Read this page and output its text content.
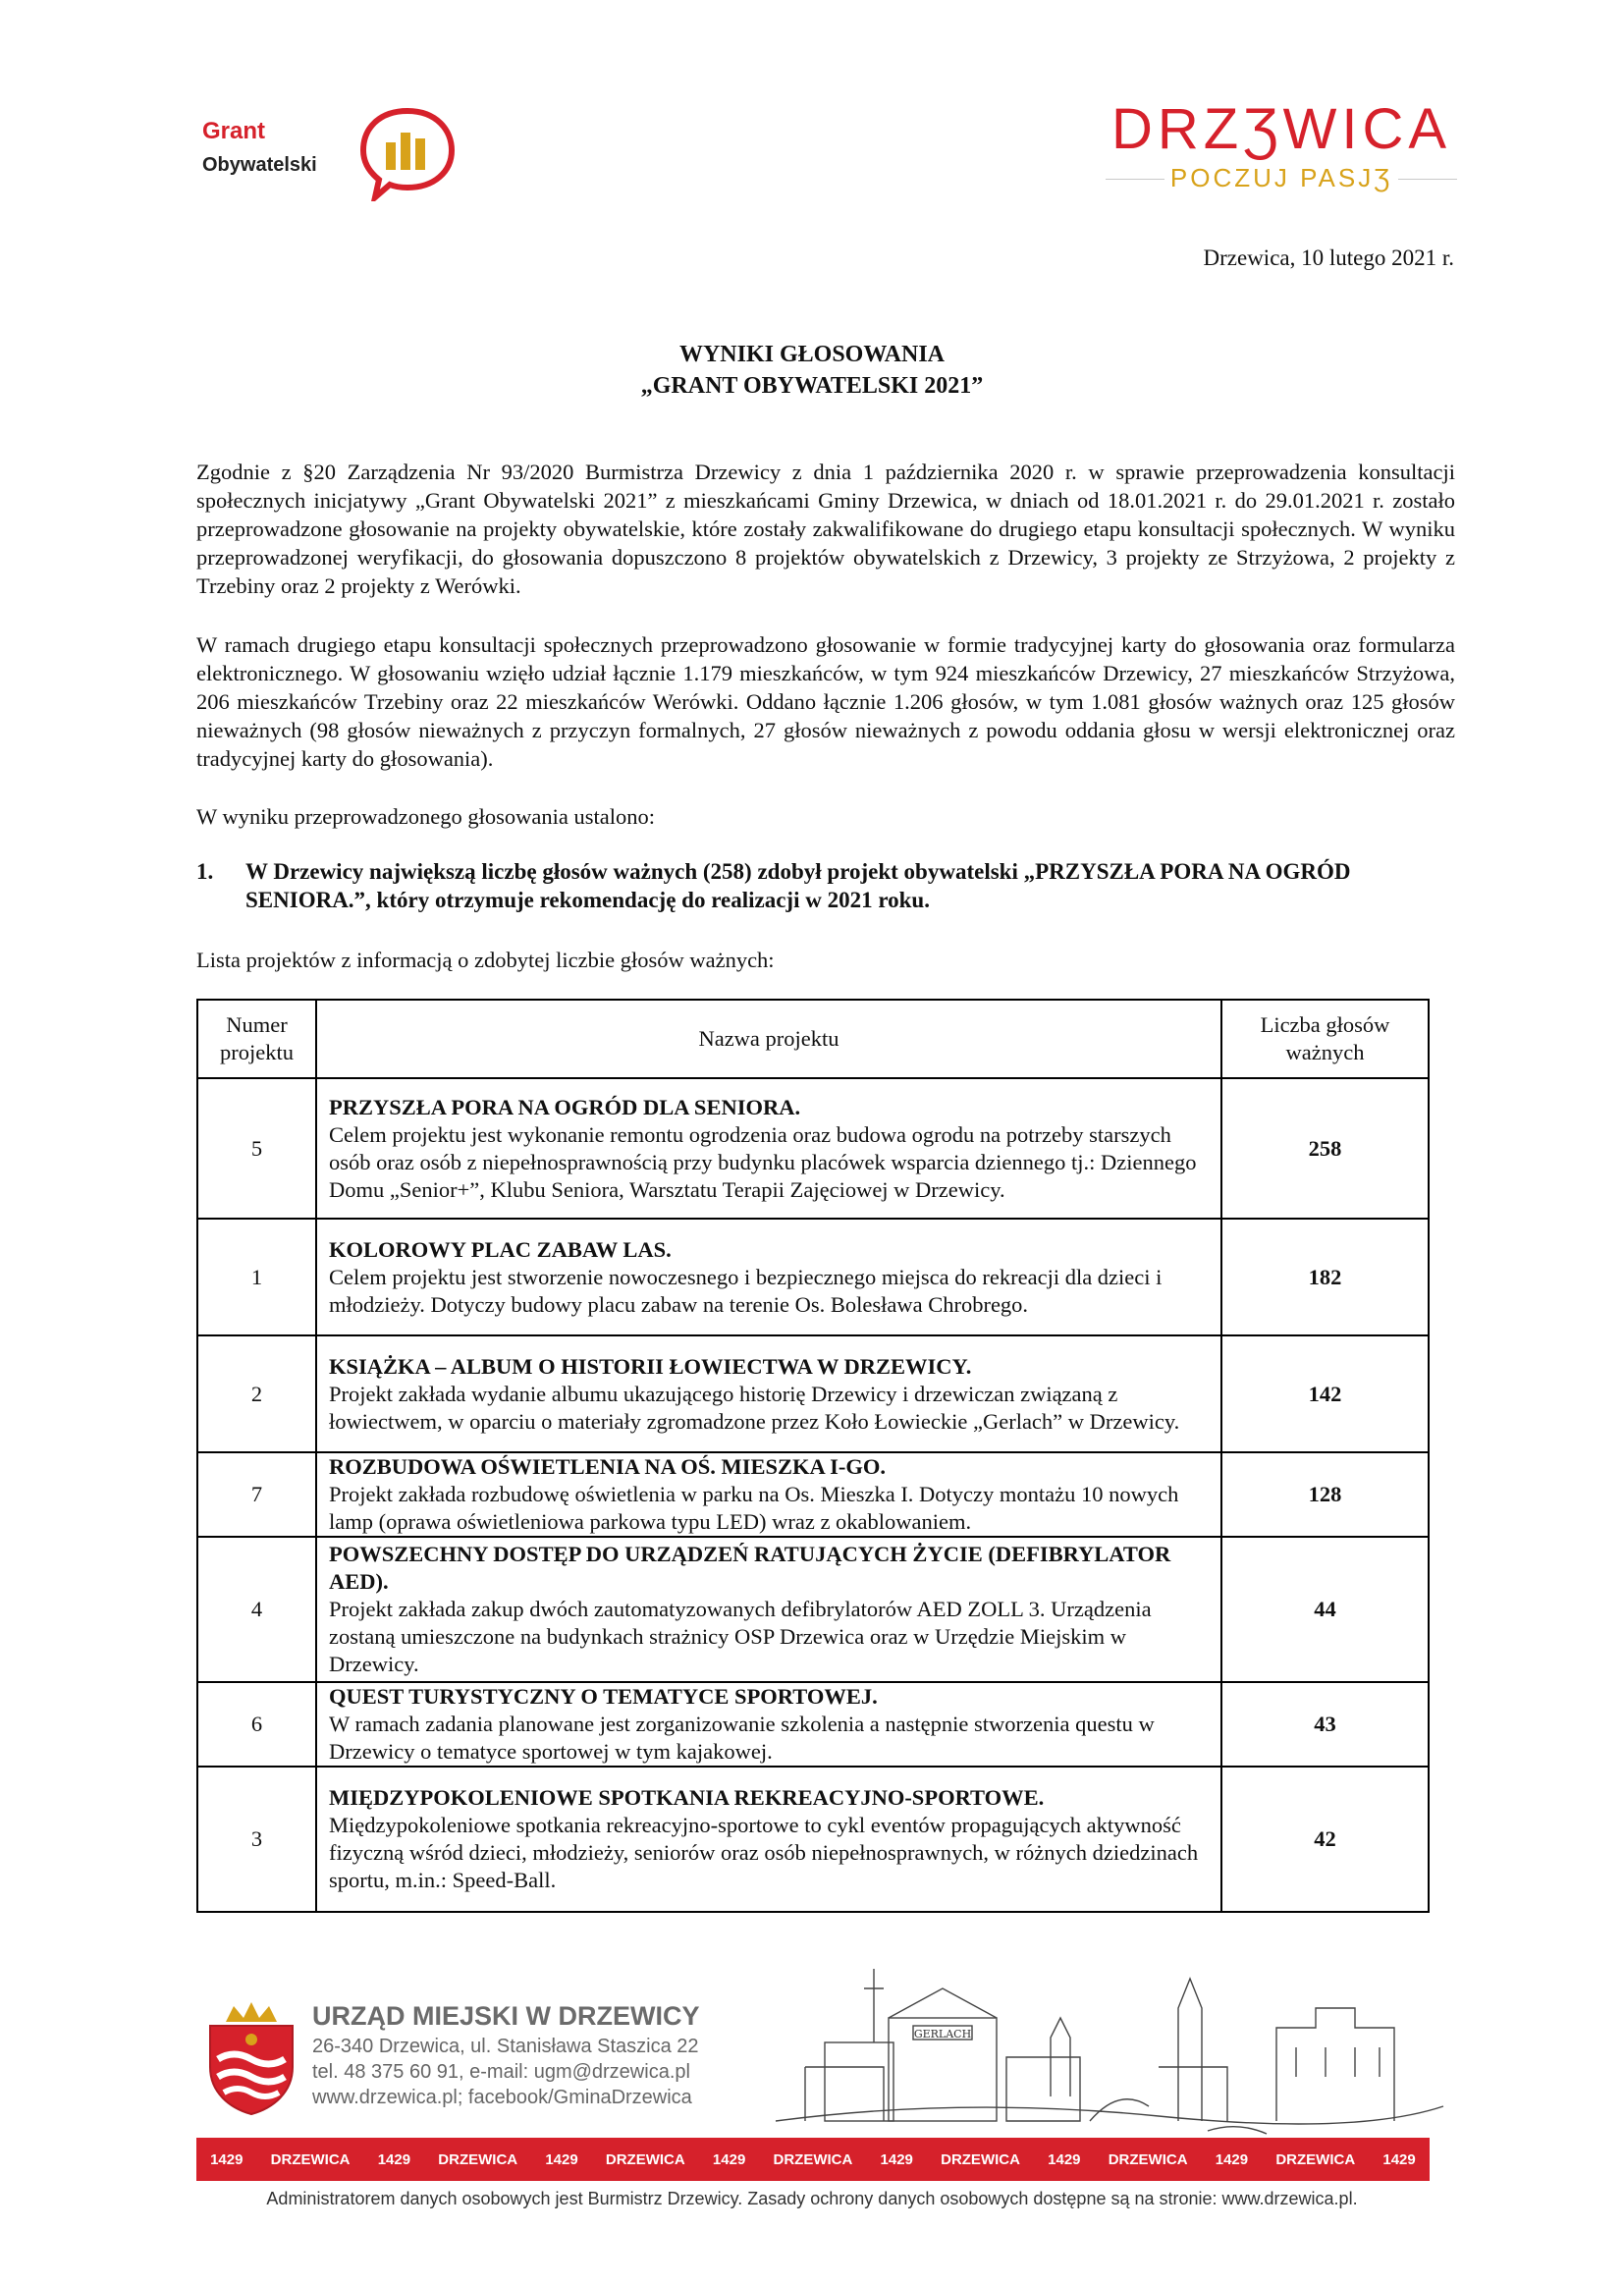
Grant
Obywatelski
DRZƷWICA
POCZUJ PASJƷ
Drzewica, 10 lutego 2021 r.
WYNIKI GŁOSOWANIA
„GRANT OBYWATELSKI 2021”
Zgodnie z §20 Zarządzenia Nr 93/2020 Burmistrza Drzewicy z dnia 1 października 2020 r. w sprawie przeprowadzenia konsultacji społecznych inicjatywy „Grant Obywatelski 2021” z mieszkańcami Gminy Drzewica, w dniach od 18.01.2021 r. do 29.01.2021 r. zostało przeprowadzone głosowanie na projekty obywatelskie, które zostały zakwalifikowane do drugiego etapu konsultacji społecznych. W wyniku przeprowadzonej weryfikacji, do głosowania dopuszczono 8 projektów obywatelskich z Drzewicy, 3 projekty ze Strzyżowa, 2 projekty z Trzebiny oraz 2 projekty z Werówki.
W ramach drugiego etapu konsultacji społecznych przeprowadzono głosowanie w formie tradycyjnej karty do głosowania oraz formularza elektronicznego. W głosowaniu wzięło udział łącznie 1.179 mieszkańców, w tym 924 mieszkańców Drzewicy, 27 mieszkańców Strzyżowa, 206 mieszkańców Trzebiny oraz 22 mieszkańców Werówki. Oddano łącznie 1.206 głosów, w tym 1.081 głosów ważnych oraz 125 głosów nieważnych (98 głosów nieważnych z przyczyn formalnych, 27 głosów nieważnych z powodu oddania głosu w wersji elektronicznej oraz tradycyjnej karty do głosowania).
W wyniku przeprowadzonego głosowania ustalono:
1. W Drzewicy największą liczbę głosów ważnych (258) zdobył projekt obywatelski „PRZYSZŁA PORA NA OGRÓD SENIORA.”, który otrzymuje rekomendację do realizacji w 2021 roku.
Lista projektów z informacją o zdobytej liczbie głosów ważnych:
Numer projektu	Nazwa projektu	Liczba głosów ważnych
5	PRZYSZŁA PORA NA OGRÓD DLA SENIORA.
Celem projektu jest wykonanie remontu ogrodzenia oraz budowa ogrodu na potrzeby starszych osób oraz osób z niepełnosprawnością przy budynku placówek wsparcia dziennego tj.: Dziennego Domu „Senior+”, Klubu Seniora, Warsztatu Terapii Zajęciowej w Drzewicy.	258
1	KOLOROWY PLAC ZABAW LAS.
Celem projektu jest stworzenie nowoczesnego i bezpiecznego miejsca do rekreacji dla dzieci i młodzieży. Dotyczy budowy placu zabaw na terenie Os. Bolesława Chrobrego.	182
2	KSIĄŻKA – ALBUM O HISTORII ŁOWIECTWA W DRZEWICY.
Projekt zakłada wydanie albumu ukazującego historię Drzewicy i drzewiczan związaną z łowiectwem, w oparciu o materiały zgromadzone przez Koło Łowieckie „Gerlach” w Drzewicy.	142
7	ROZBUDOWA OŚWIETLENIA NA OŚ. MIESZKA I-GO.
Projekt zakłada rozbudowę oświetlenia w parku na Os. Mieszka I. Dotyczy montażu 10 nowych lamp (oprawa oświetleniowa parkowa typu LED) wraz z okablowaniem.	128
4	POWSZECHNY DOSTĘP DO URZĄDZEŃ RATUJĄCYCH ŻYCIE (DEFIBRYLATOR AED).
Projekt zakłada zakup dwóch zautomatyzowanych defibrylatorów AED ZOLL 3. Urządzenia zostaną umieszczone na budynkach strażnicy OSP Drzewica oraz w Urzędzie Miejskim w Drzewicy.	44
6	QUEST TURYSTYCZNY O TEMATYCE SPORTOWEJ.
W ramach zadania planowane jest zorganizowanie szkolenia a następnie stworzenia questu w Drzewicy o tematyce sportowej w tym kajakowej.	43
3	MIĘDZYPOKOLENIOWE SPOTKANIA REKREACYJNO-SPORTOWE.
Międzypokoleniowe spotkania rekreacyjno-sportowe to cykl eventów propagujących aktywność fizyczną wśród dzieci, młodzieży, seniorów oraz osób niepełnosprawnych, w różnych dziedzinach sportu, m.in.: Speed-Ball.	42
URZĄD MIEJSKI W DRZEWICY
26-340 Drzewica, ul. Stanisława Staszica 22
tel. 48 375 60 91, e-mail: ugm@drzewica.pl
www.drzewica.pl; facebook/GminaDrzewica
GERLACH
1429 DRZEWICA 1429 DRZEWICA 1429 DRZEWICA 1429 DRZEWICA 1429 DRZEWICA 1429 DRZEWICA 1429 DRZEWICA 1429
Administratorem danych osobowych jest Burmistrz Drzewicy. Zasady ochrony danych osobowych dostępne są na stronie: www.drzewica.pl.
